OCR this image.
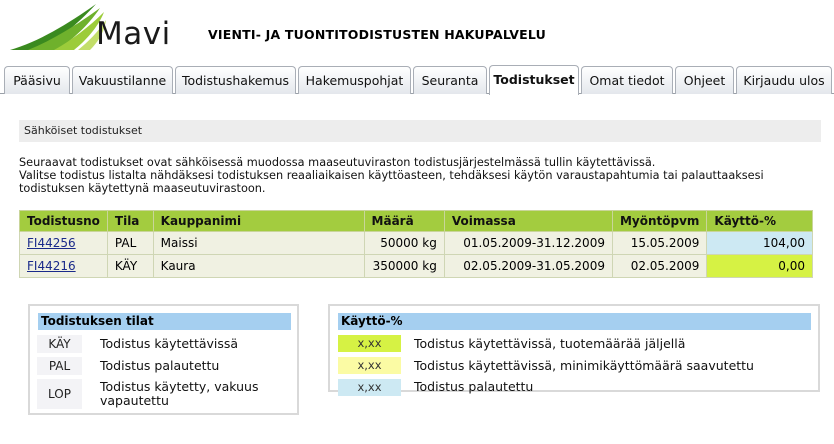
Mavi	VIENTI- JA TUONTITODISTUSTEN HAKUPALVELU
Pääsivu	Vakuustilanne	Todistushakemus	Hakemuspohjat	Seuranta	Todistukset	Omat tiedot	Ohjeet	Kirjaudu ulos
Sähköiset todistukset
Seuraavat todistukset ovat sähköisessä muodossa maaseutuviraston todistusjärjestelmässä tullin käytettävissä.
Valitse todistus listalta nähdäksesi todistuksen reaaliaikaisen käyttöasteen, tehdäksesi käytön varaustapahtumia tai palauttaaksesi
todistuksen käytettynä maaseutuvirastoon.
Todistusno	Tila	Kauppanimi	Määrä	Voimassa	Myöntöpvm	Käyttö-%
FI44256	PAL	Maissi	50000 kg	01.05.2009-31.12.2009	15.05.2009	104,00
FI44216	KÄY	Kaura	350000 kg	02.05.2009-31.05.2009	02.05.2009	0,00
Todistuksen tilat
KÄY	Todistus käytettävissä
PAL	Todistus palautettu
LOP	Todistus käytetty, vakuus
vapautettu
Käyttö-%
x,xx	Todistus käytettävissä, tuotemäärää jäljellä
x,xx	Todistus käytettävissä, minimikäyttömäärä saavutettu
x,xx	Todistus palautettu
